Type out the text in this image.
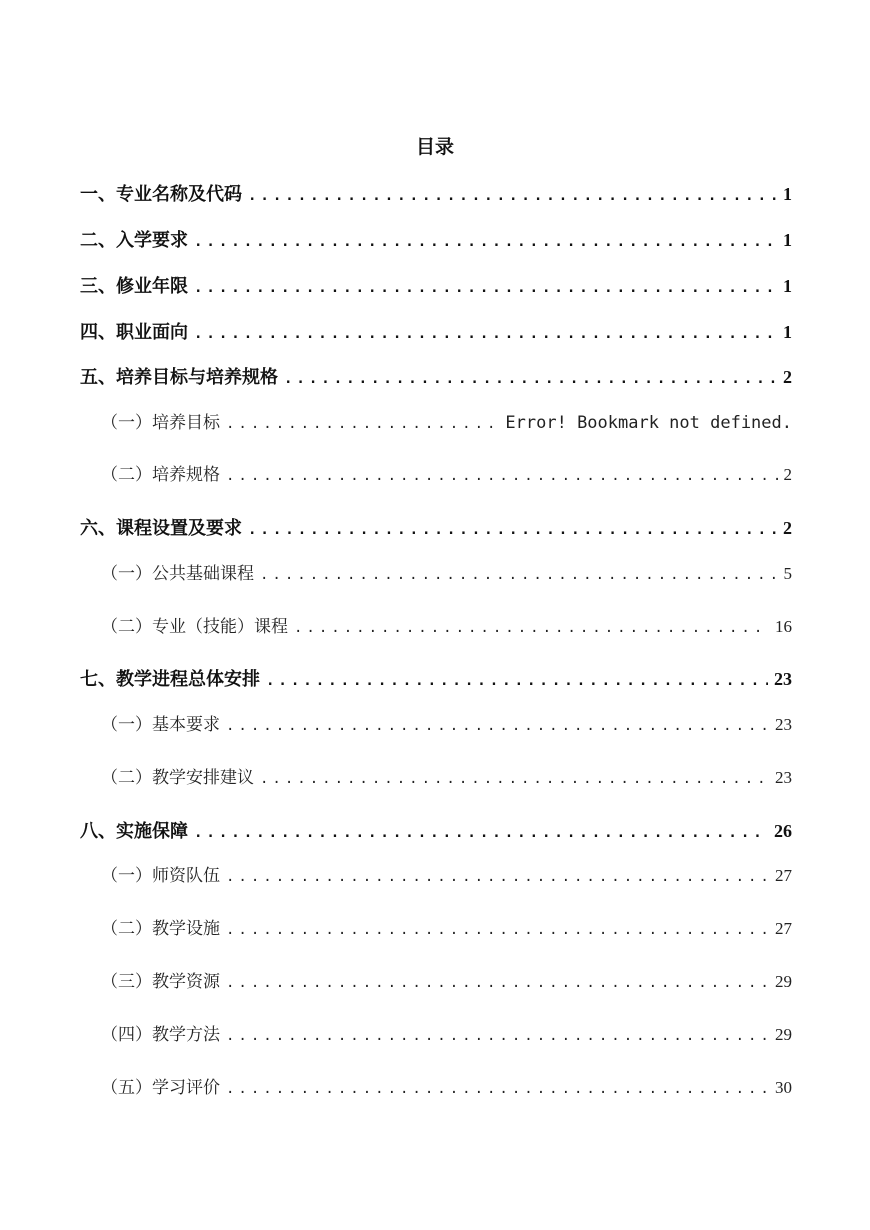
目录
一、专业名称及代码 .....	1
二、入学要求 .....	1
三、修业年限 .....	1
四、职业面向 .....	1
五、培养目标与培养规格 .....	2
（一）培养目标 .....	Error! Bookmark not defined.
（二）培养规格 .....	2
六、课程设置及要求 .....	2
（一）公共基础课程 .....	5
（二）专业（技能）课程 .....	16
七、教学进程总体安排 .....	23
（一）基本要求 .....	23
（二）教学安排建议 .....	23
八、实施保障 .....	26
（一）师资队伍 .....	27
（二）教学设施 .....	27
（三）教学资源 .....	29
（四）教学方法 .....	29
（五）学习评价 .....	30
